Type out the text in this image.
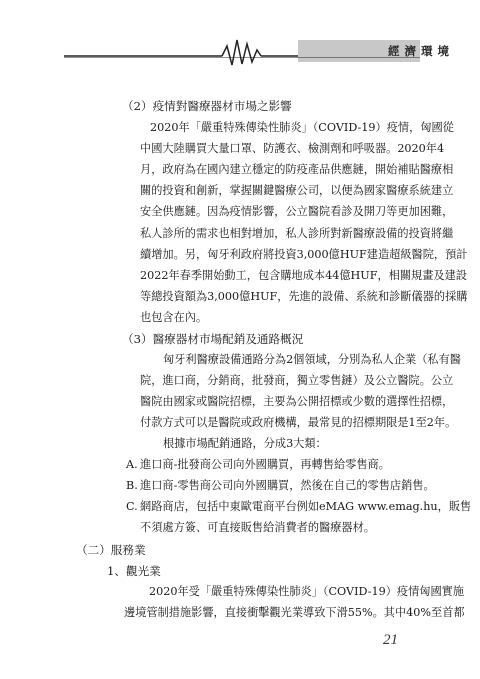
經濟環境
（2）疫情對醫療器材市場之影響
2020年「嚴重特殊傳染性肺炎」（COVID-19）疫情，匈國從
中國大陸購買大量口罩、防護衣、檢測劑和呼吸器。2020年4
月，政府為在國內建立穩定的防疫產品供應鏈，開始補貼醫療相
關的投資和創新，掌握關鍵醫療公司，以便為國家醫療系統建立
安全供應鏈。因為疫情影響，公立醫院看診及開刀等更加困難，
私人診所的需求也相對增加，私人診所對新醫療設備的投資將繼
續增加。另，匈牙利政府將投資3,000億HUF建造超級醫院，預計
2022年春季開始動工，包含購地成本44億HUF，相關規畫及建設
等總投資額為3,000億HUF，先進的設備、系統和診斷儀器的採購
也包含在內。
（3）醫療器材市場配銷及通路概況
匈牙利醫療設備通路分為2個領域，分別為私人企業（私有醫
院，進口商，分銷商，批發商，獨立零售鏈）及公立醫院。公立
醫院由國家或醫院招標，主要為公開招標或少數的選擇性招標，
付款方式可以是醫院或政府機構，最常見的招標期限是1至2年。
根據市場配銷通路，分成3大類：
A. 進口商-批發商公司向外國購買，再轉售給零售商。
B. 進口商-零售商公司向外國購買，然後在自己的零售店銷售。
C. 網路商店，包括中東歐電商平台例如eMAG www.emag.hu，販售
不須處方簽、可直接販售給消費者的醫療器材。
（二）服務業
1、觀光業
2020年受「嚴重特殊傳染性肺炎」（COVID-19）疫情匈國實施
邊境管制措施影響，直接衝擊觀光業導致下滑55%。其中40%至首都
21
